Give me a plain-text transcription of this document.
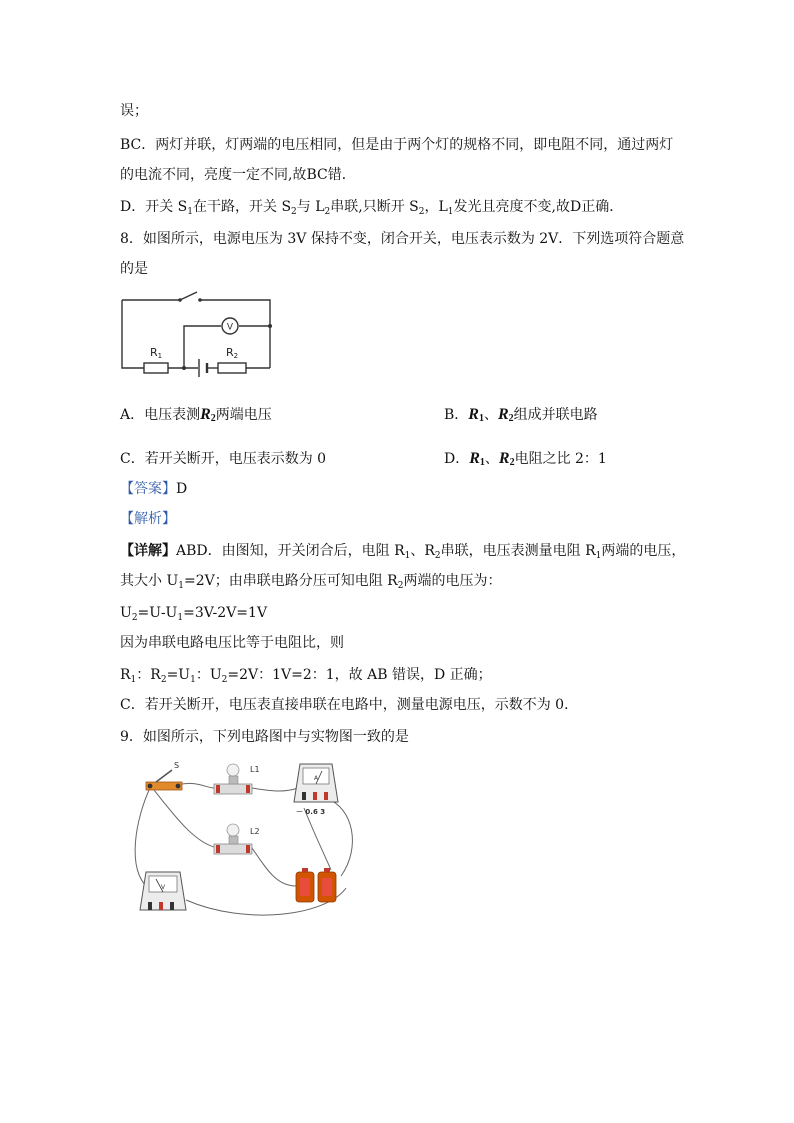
误；
BC．两灯并联，灯两端的电压相同，但是由于两个灯的规格不同，即电阻不同，通过两灯
的电流不同，亮度一定不同,故BC错．
D．开关 $S_1$在干路，开关 $S_2$与 $L_2$串联,只断开 $S_2$，$L_1$发光且亮度不变,故D正确．
8．如图所示，电源电压为 3V 保持不变，闭合开关，电压表示数为 2V．下列选项符合题意
的是
V
R1	R2
A．电压表测$R_2$两端电压	B．$R_1$、$R_2$组成并联电路
C．若开关断开，电压表示数为 0	D．$R_1$、$R_2$电阻之比 2：1
【答案】D
【解析】
【详解】ABD．由图知，开关闭合后，电阻 $R_1$、$R_2$串联，电压表测量电阻 $R_1$两端的电压，
其大小 $U_1=2V$；由串联电路分压可知电阻 $R_2$两端的电压为：
$U_2=U-U_1=3V-2V=1V$
因为串联电路电压比等于电阻比，则
$R_1$：$R_2=U_1$：$U_2=2V$：1V=2：1，故 AB 错误，D 正确；
C．若开关断开，电压表直接串联在电路中，测量电源电压，示数不为 0．
9．如图所示，下列电路图中与实物图一致的是
S	L1
L2
A
－ 0.6 3
V
